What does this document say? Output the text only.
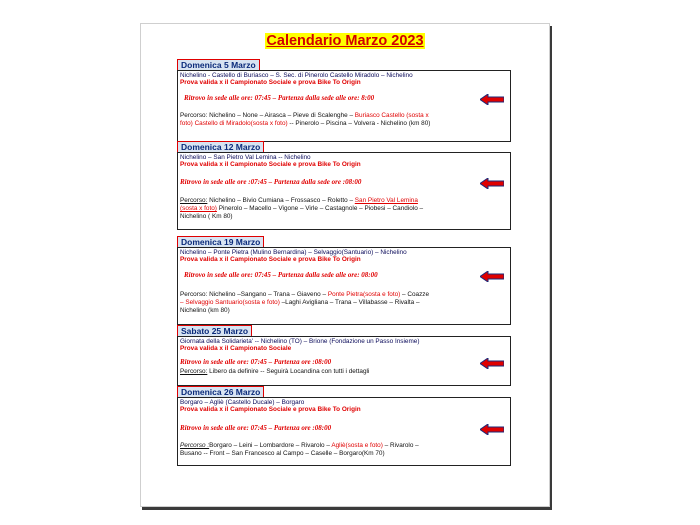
Calendario Marzo 2023
Domenica 5 Marzo
Nichelino - Castello di Buriasco – S. Sec. di Pinerolo Castello Miradolo – Nichelino
Prova valida x il Campionato Sociale e prova Bike To Origin
Ritrovo in sede alle ore: 07:45 – Partenza dalla sede alle ore: 8:00
Percorso: Nichelino – None – Airasca – Pieve di Scalenghe – Buriasco Castello (sosta x
foto) Castello di Miradolo(sosta x foto) -- Pinerolo – Piscina – Volvera - Nichelino (km 80)
Domenica 12 Marzo
Nichelino – San Pietro Val Lemina -- Nichelino
Prova valida x il Campionato Sociale e prova Bike To Origin
Ritrovo in sede alle ore :07:45 – Partenza dalla sede ore :08:00
Percorso: Nichelino – Bivio Cumiana – Frossasco – Roletto – San Pietro Val Lemina
(sosta x foto) Pinerolo – Macello – Vigone – Virle – Castagnole – Piobesi – Candiolo –
Nichelino ( Km 80)
Domenica 19 Marzo
Nichelino – Ponte Pietra (Mulino Bernardina) – Selvaggio(Santuario) – Nichelino
Prova valida x il Campionato Sociale e prova Bike To Origin
Ritrovo in sede alle ore: 07:45 – Partenza dalla sede alle ore: 08:00
Percorso: Nichelino –Sangano – Trana – Giaveno – Ponte Pietra(sosta e foto) – Coazze
– Selvaggio Santuario(sosta e foto) –Laghi Avigliana – Trana – Villabasse – Rivalta –
Nichelino (km 80)
Sabato 25 Marzo
Giornata della Solidarieta' -- Nichelino (TO) – Brione (Fondazione un Passo Insieme)
Prova valida x il Campionato Sociale
Ritrovo in sede alle ore: 07:45 – Partenza ore :08:00
Percorso: Libero da definire -- Seguirà Locandina con tutti i dettagli
Domenica 26 Marzo
Borgaro – Agliè (Castello Ducale) – Borgaro
Prova valida x il Campionato Sociale e prova Bike To Origin
Ritrovo in sede alle ore: 07:45 – Partenza ore :08:00
Percorso :Borgaro – Leini – Lombardore – Rivarolo – Agliè(sosta e foto) – Rivarolo –
Busano -- Front – San Francesco al Campo – Caselle – Borgaro(Km 70)
